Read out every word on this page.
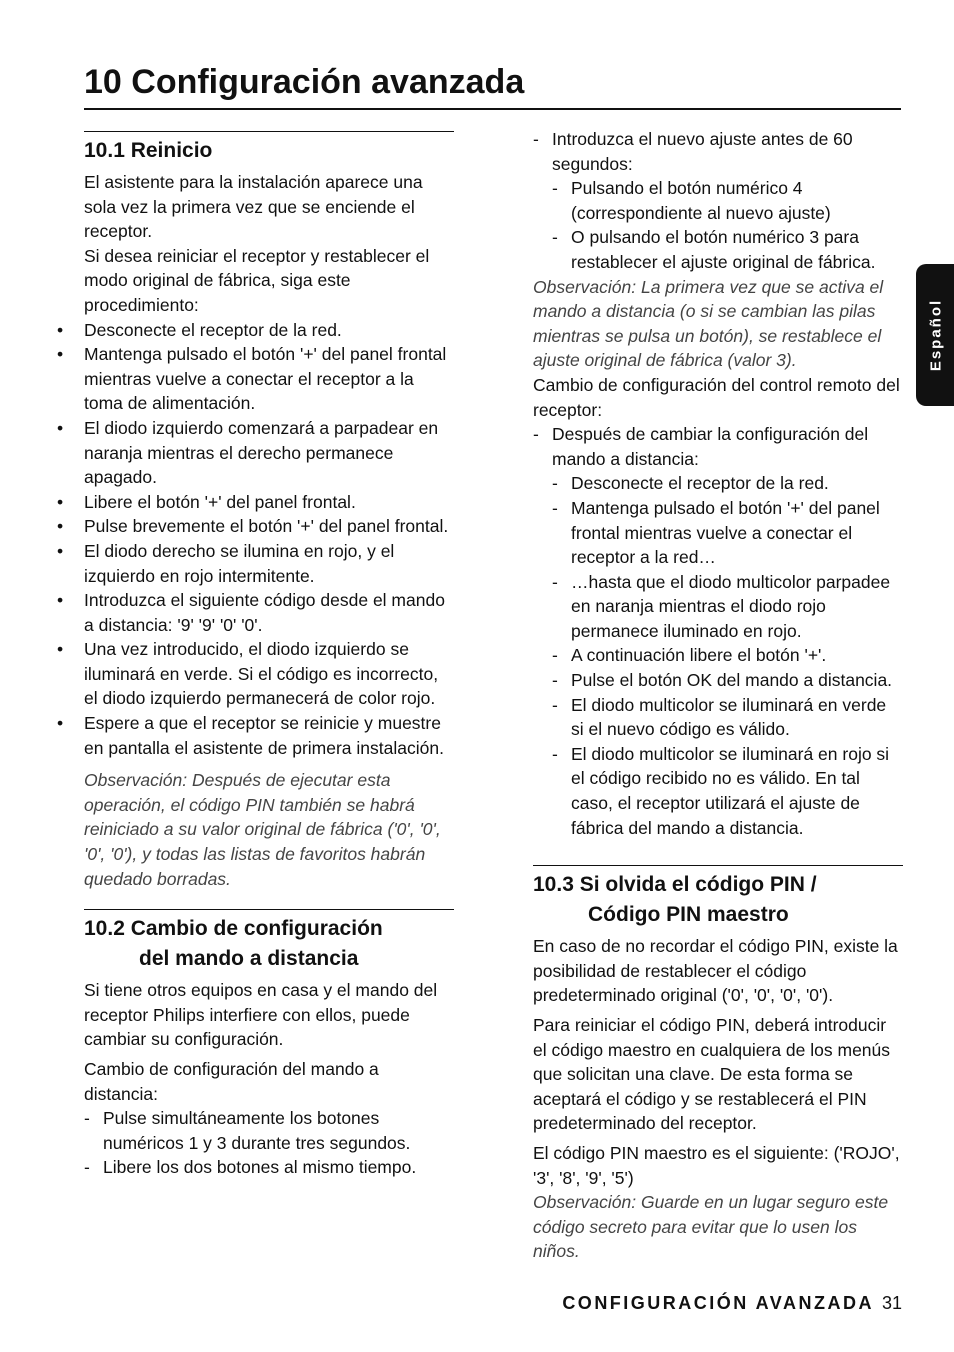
10 Configuración avanzada
10.1 Reinicio

El asistente para la instalación aparece una sola vez la primera vez que se enciende el receptor.

Si desea reiniciar el receptor y restablecer el modo original de fábrica, siga este procedimiento:

• Desconecte el receptor de la red.
• Mantenga pulsado el botón '+' del panel frontal mientras vuelve a conectar el receptor a la toma de alimentación.
• El diodo izquierdo comenzará a parpadear en naranja mientras el derecho permanece apagado.
• Libere el botón '+' del panel frontal.
• Pulse brevemente el botón '+' del panel frontal.
• El diodo derecho se ilumina en rojo, y el izquierdo en rojo intermitente.
• Introduzca el siguiente código desde el mando a distancia: '9' '9' '0' '0'.
• Una vez introducido, el diodo izquierdo se iluminará en verde. Si el código es incorrecto, el diodo izquierdo permanecerá de color rojo.
• Espere a que el receptor se reinicie y muestre en pantalla el asistente de primera instalación.

Observación: Después de ejecutar esta operación, el código PIN también se habrá reiniciado a su valor original de fábrica ('0', '0', '0', '0'), y todas las listas de favoritos habrán quedado borradas.

10.2 Cambio de configuración
del mando a distancia

Si tiene otros equipos en casa y el mando del receptor Philips interfiere con ellos, puede cambiar su configuración.

Cambio de configuración del mando a distancia:

- Pulse simultáneamente los botones numéricos 1 y 3 durante tres segundos.
- Libere los dos botones al mismo tiempo.
- Introduzca el nuevo ajuste antes de 60 segundos:
- Pulsando el botón numérico 4 (correspondiente al nuevo ajuste)
- O pulsando el botón numérico 3 para restablecer el ajuste original de fábrica.

Observación: La primera vez que se activa el mando a distancia (o si se cambian las pilas mientras se pulsa un botón), se restablece el ajuste original de fábrica (valor 3).

Cambio de configuración del control remoto del receptor:

- Después de cambiar la configuración del mando a distancia:
- Desconecte el receptor de la red.
- Mantenga pulsado el botón '+' del panel frontal mientras vuelve a conectar el receptor a la red…
- …hasta que el diodo multicolor parpadee en naranja mientras el diodo rojo permanece iluminado en rojo.
- A continuación libere el botón '+'.
- Pulse el botón OK del mando a distancia.
- El diodo multicolor se iluminará en verde si el nuevo código es válido.
- El diodo multicolor se iluminará en rojo si el código recibido no es válido. En tal caso, el receptor utilizará el ajuste de fábrica del mando a distancia.
10.3 Si olvida el código PIN /
Código PIN maestro

En caso de no recordar el código PIN, existe la posibilidad de restablecer el código predeterminado original ('0', '0', '0', '0').

Para reiniciar el código PIN, deberá introducir el código maestro en cualquiera de los menús que solicitan una clave. De esta forma se aceptará el código y se restablecerá el PIN predeterminado del receptor.

El código PIN maestro es el siguiente: ('ROJO', '3', '8', '9', '5')

Observación: Guarde en un lugar seguro este código secreto para evitar que lo usen los niños.

Español
CONFIGURACIÓN AVANZADA 31
